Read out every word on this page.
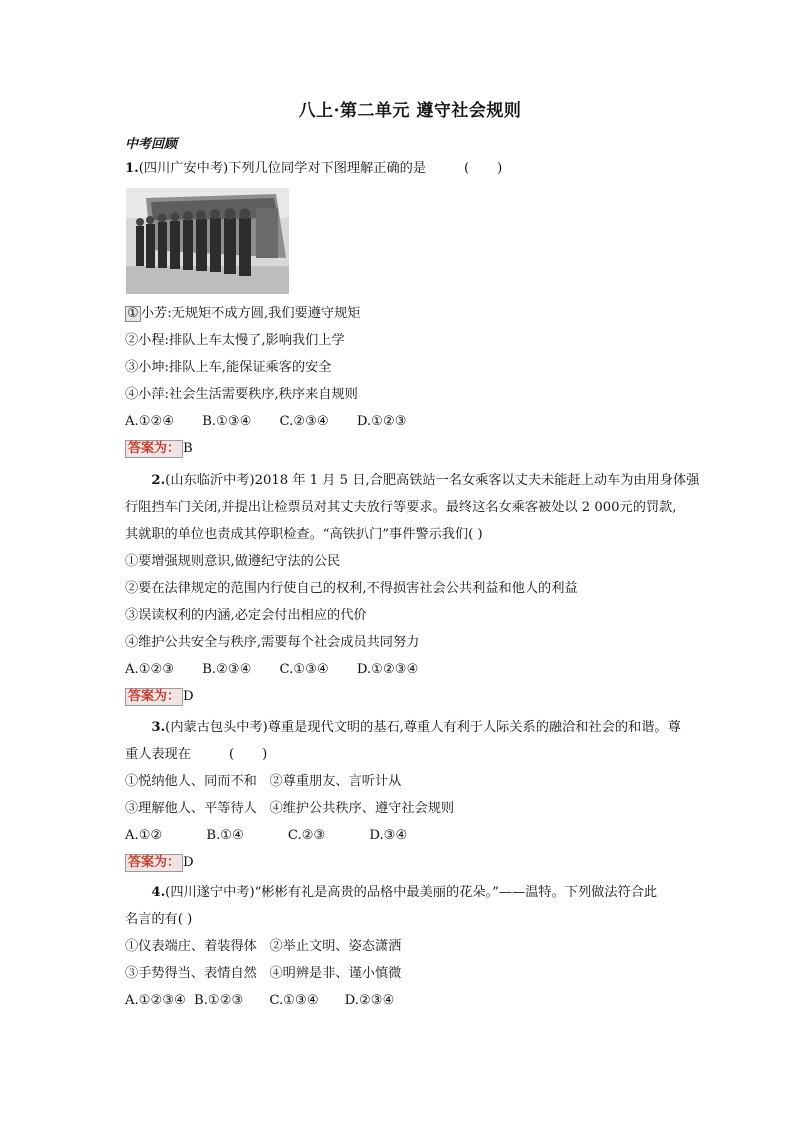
八上·第二单元 遵守社会规则
中考回顾
1.(四川广安中考)下列几位同学对下图理解正确的是	( )
① 小芳:无规矩不成方圆,我们要遵守规矩
②小程:排队上车太慢了,影响我们上学
③小坤:排队上车,能保证乘客的安全
④小萍:社会生活需要秩序,秩序来自规则
A.①②④ B.①③④ C.②③④ D.①②③
答案为： B
2.(山东临沂中考)2018 年 1 月 5 日,合肥高铁站一名女乘客以丈夫未能赶上动车为由用身体强
行阻挡车门关闭,并提出让检票员对其丈夫放行等要求。最终这名女乘客被处以 2 000元的罚款,
其就职的单位也责成其停职检查。“高铁扒门”事件警示我们( )
①要增强规则意识,做遵纪守法的公民
②要在法律规定的范围内行使自己的权利,不得损害社会公共利益和他人的利益
③误读权利的内涵,必定会付出相应的代价
④维护公共安全与秩序,需要每个社会成员共同努力
A.①②③ B.②③④ C.①③④ D.①②③④
答案为： D
3.(内蒙古包头中考)尊重是现代文明的基石,尊重人有利于人际关系的融洽和社会的和谐。尊
重人表现在	( )
①悦纳他人、同而不和   ②尊重朋友、言听计从
③理解他人、平等待人   ④维护公共秩序、遵守社会规则
A.①②	B.①④	C.②③	D.③④
答案为： D
4.(四川遂宁中考)“彬彬有礼是高贵的品格中最美丽的花朵。”——温特。下列做法符合此
名言的有( )
①仪表端庄、着装得体   ②举止文明、姿态潇洒
③手势得当、表情自然   ④明辨是非、谨小慎微
A.①②③④ B.①②③ C.①③④ D.②③④
